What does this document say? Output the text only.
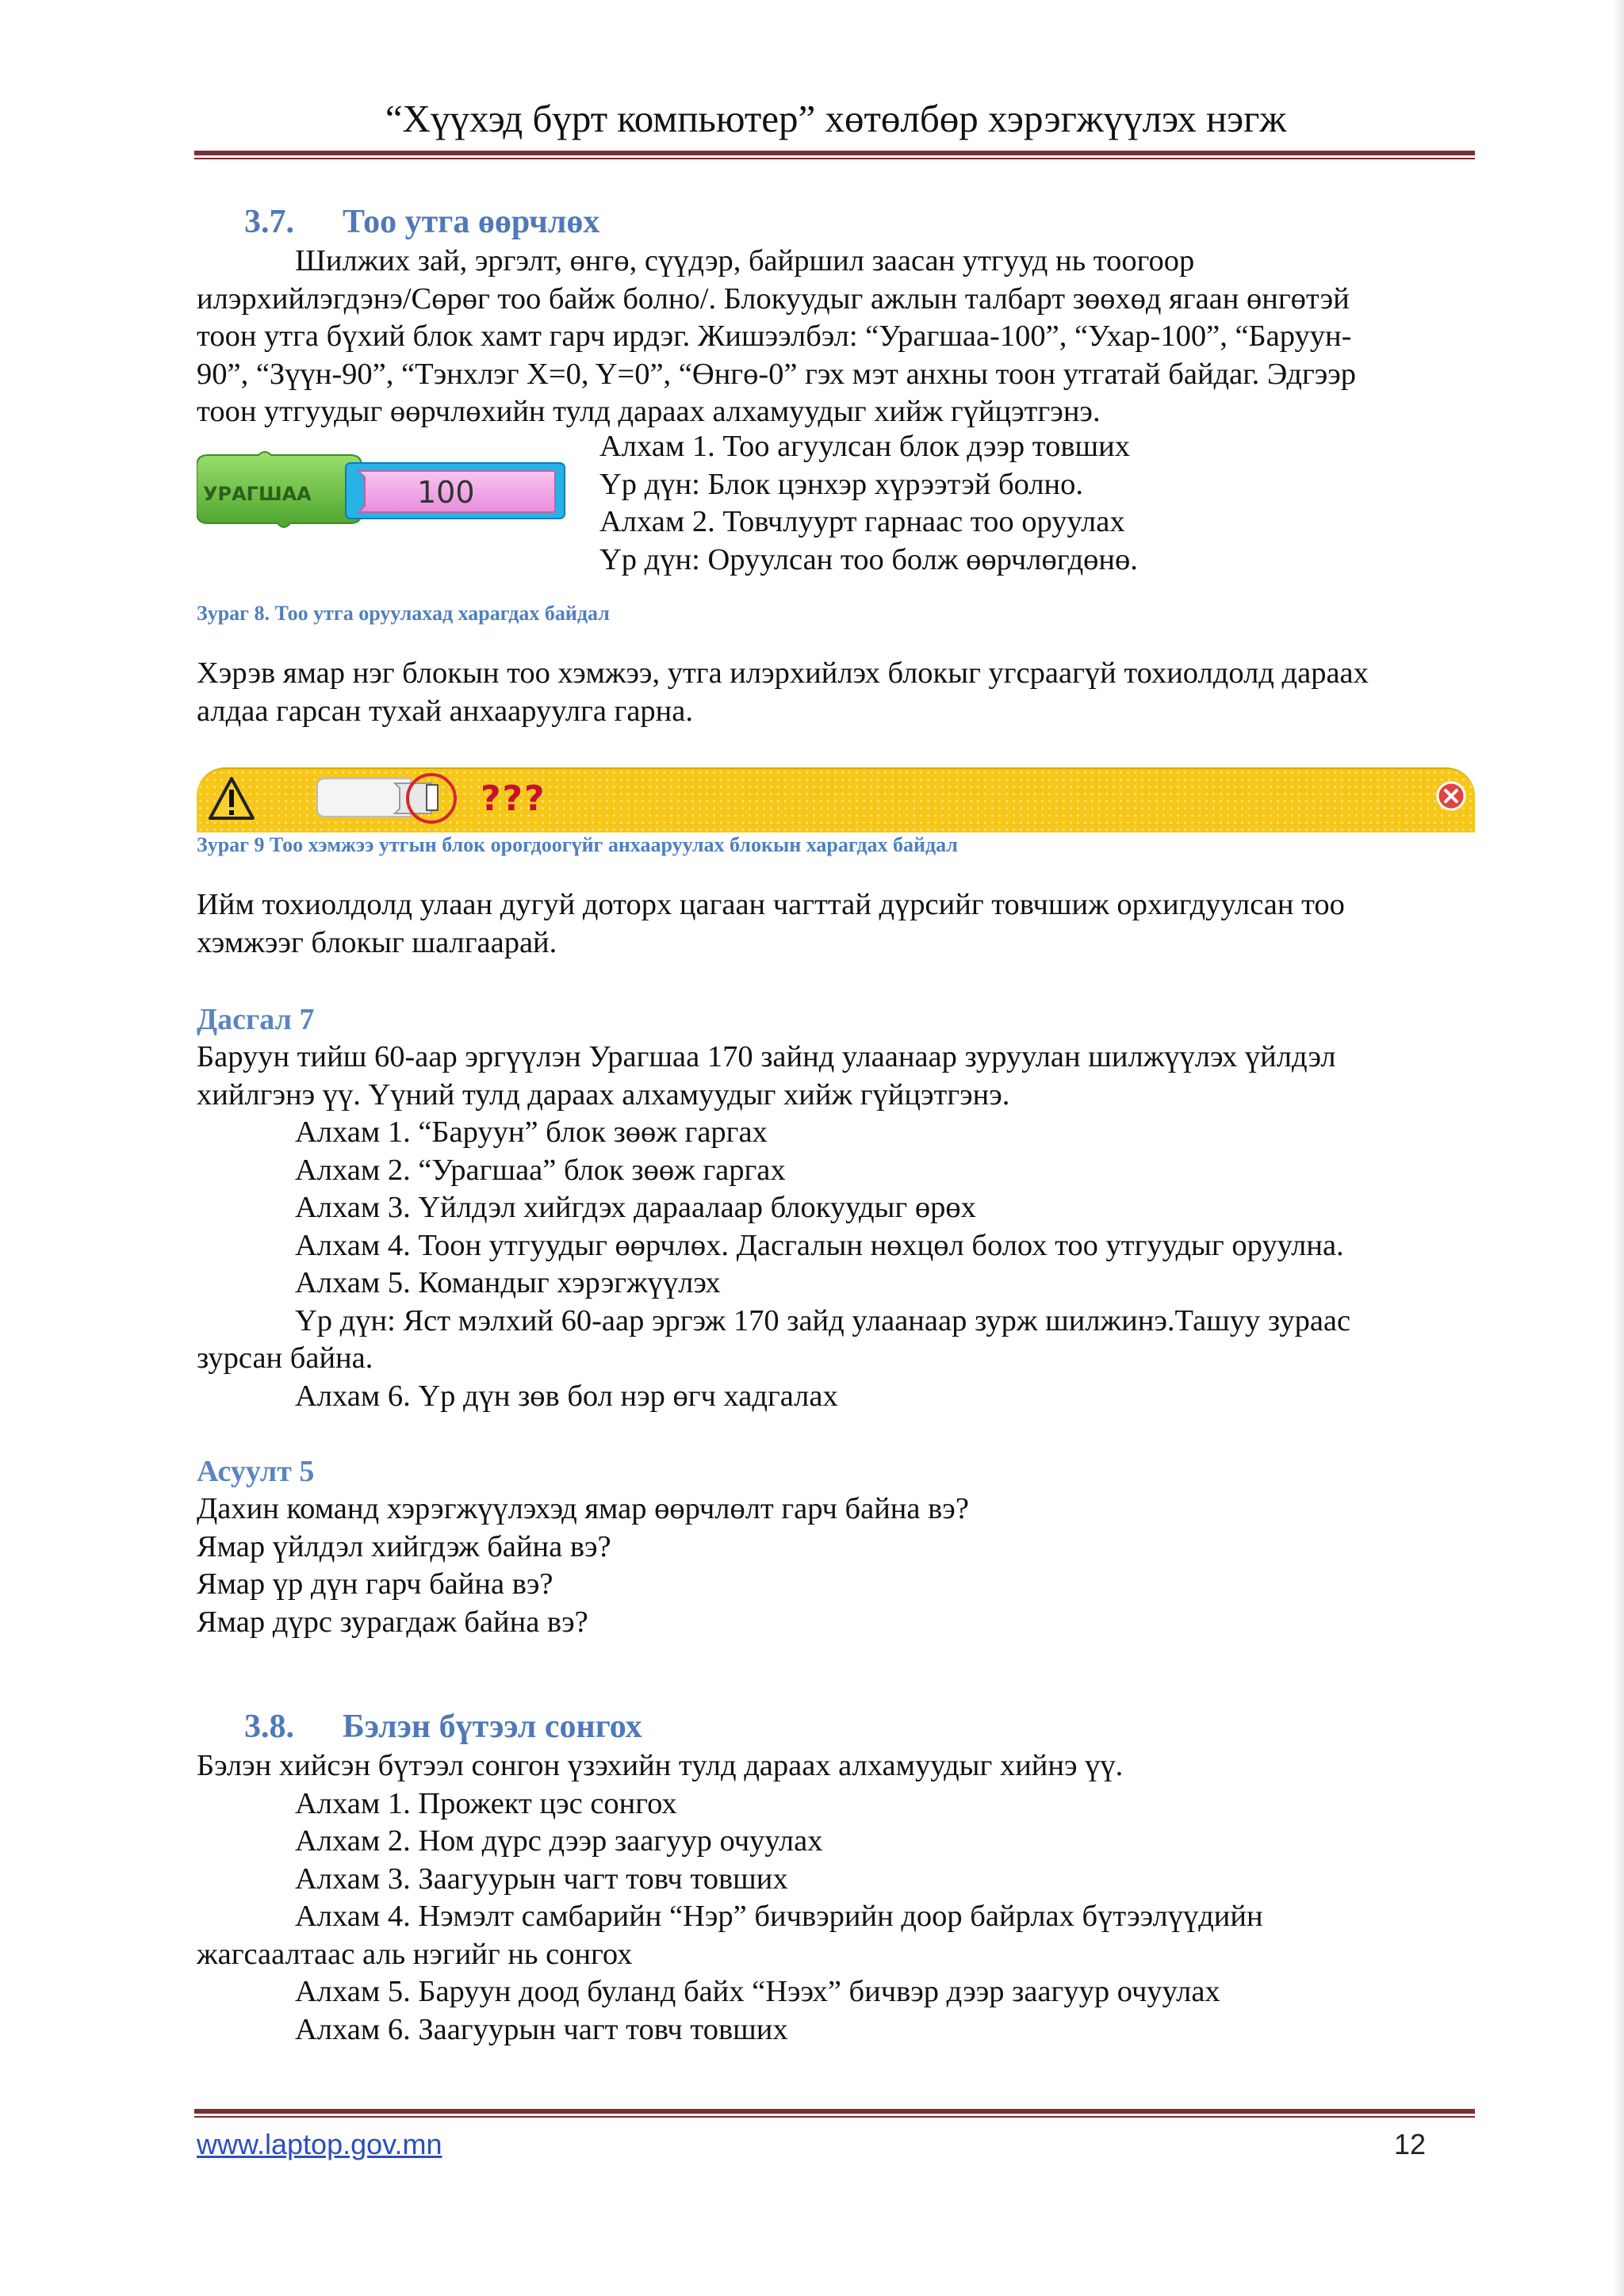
“Хүүхэд бүрт компьютер” хөтөлбөр хэрэгжүүлэх нэгж
3.7. Тоо утга өөрчлөх
Шилжих зай, эргэлт, өнгө, сүүдэр, байршил заасан утгууд нь тоогоор
илэрхийлэгдэнэ/Сөрөг тоо байж болно/. Блокуудыг ажлын талбарт зөөхөд ягаан өнгөтэй
тоон утга бүхий блок хамт гарч ирдэг. Жишээлбэл: “Урагшаа-100”, “Ухар-100”, “Баруун-
90”, “Зүүн-90”, “Тэнхлэг X=0, Y=0”, “Өнгө-0” гэх мэт анхны тоон утгатай байдаг. Эдгээр
тоон утгуудыг өөрчлөхийн тулд дараах алхамуудыг хийж гүйцэтгэнэ.
УРАГШАА	100
Алхам 1. Тоо агуулсан блок дээр товших
Үр дүн: Блок цэнхэр хүрээтэй болно.
Алхам 2. Товчлуурт гарнаас тоо оруулах
Үр дүн: Оруулсан тоо болж өөрчлөгдөнө.
Зураг 8. Тоо утга оруулахад харагдах байдал
Хэрэв ямар нэг блокын тоо хэмжээ, утга илэрхийлэх блокыг угсраагүй тохиолдолд дараах
алдаа гарсан тухай анхааруулга гарна.
???
Зураг 9 Тоо хэмжээ утгын блок орогдоогүйг анхааруулах блокын харагдах байдал
Ийм тохиолдолд улаан дугуй доторх цагаан чагттай дүрсийг товчшиж орхигдуулсан тоо
хэмжээг блокыг шалгаарай.
Дасгал 7
Баруун тийш 60-аар эргүүлэн Урагшаа 170 зайнд улаанаар зуруулан шилжүүлэх үйлдэл
хийлгэнэ үү. Үүний тулд дараах алхамуудыг хийж гүйцэтгэнэ.
Алхам 1. “Баруун” блок зөөж гаргах
Алхам 2. “Урагшаа” блок зөөж гаргах
Алхам 3. Үйлдэл хийгдэх дараалаар блокуудыг өрөх
Алхам 4. Тоон утгуудыг өөрчлөх. Дасгалын нөхцөл болох тоо утгуудыг оруулна.
Алхам 5. Командыг хэрэгжүүлэх
Үр дүн: Яст мэлхий 60-аар эргэж 170 зайд улаанаар зурж шилжинэ.Ташуу зураас
зурсан байна.
Алхам 6. Үр дүн зөв бол нэр өгч хадгалах
Асуулт 5
Дахин команд хэрэгжүүлэхэд ямар өөрчлөлт гарч байна вэ?
Ямар үйлдэл хийгдэж байна вэ?
Ямар үр дүн гарч байна вэ?
Ямар дүрс зурагдаж байна вэ?
3.8. Бэлэн бүтээл сонгох
Бэлэн хийсэн бүтээл сонгон үзэхийн тулд дараах алхамуудыг хийнэ үү.
Алхам 1. Прожект цэс сонгох
Алхам 2. Ном дүрс дээр заагуур очуулах
Алхам 3. Заагуурын чагт товч товших
Алхам 4. Нэмэлт самбарийн “Нэр” бичвэрийн доор байрлах бүтээлүүдийн
жагсаалтаас аль нэгийг нь сонгох
Алхам 5. Баруун доод буланд байх “Нээх” бичвэр дээр заагуур очуулах
Алхам 6. Заагуурын чагт товч товших
www.laptop.gov.mn	12
